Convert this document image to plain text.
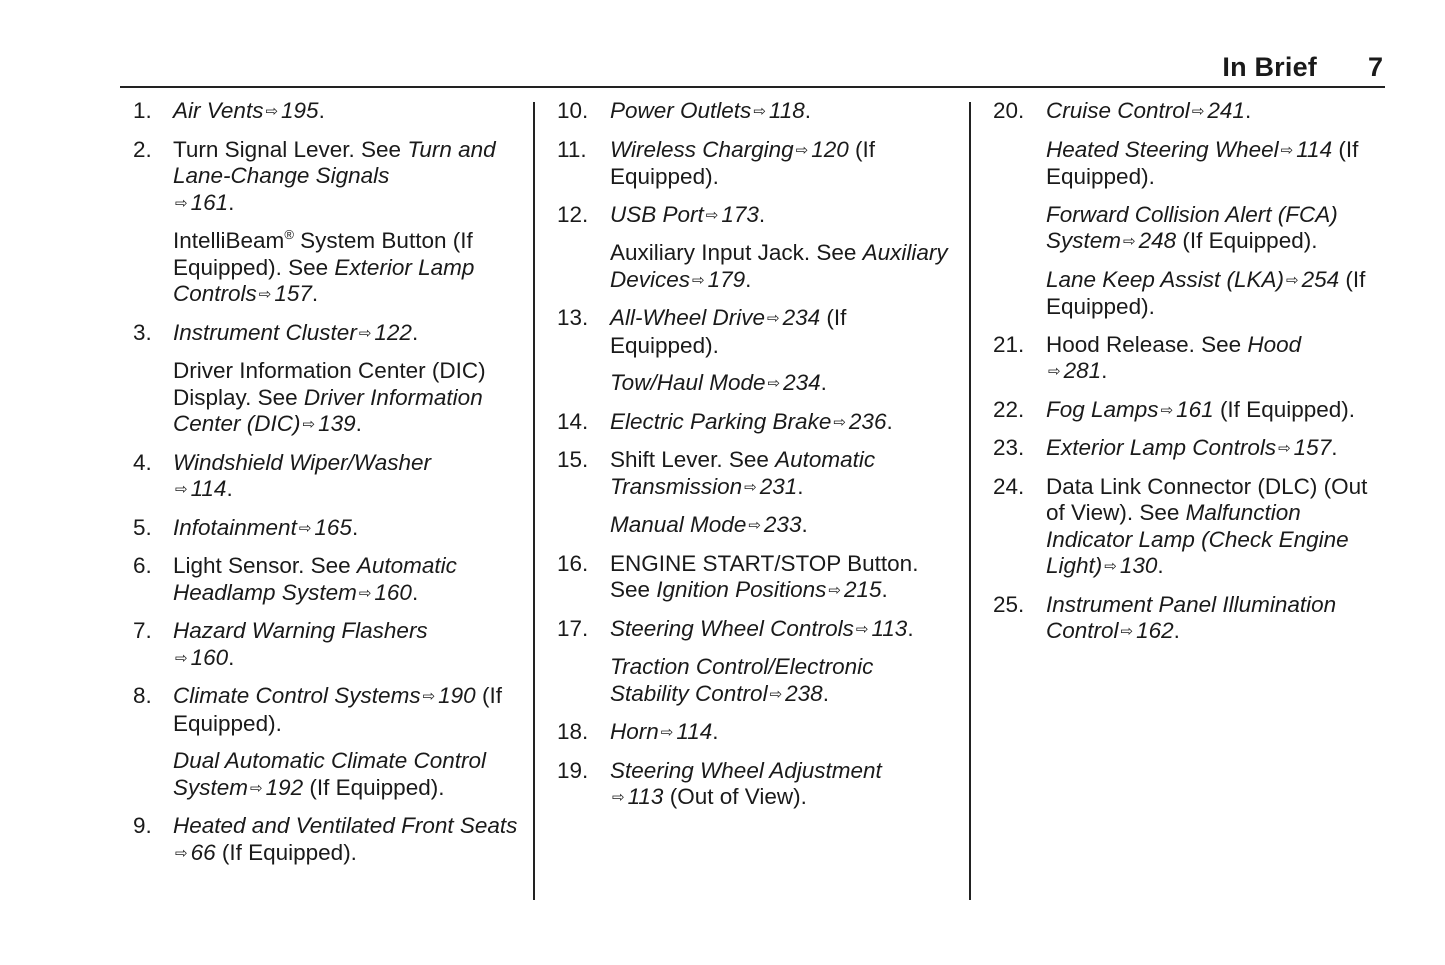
In Brief 7
1. Air Vents ⇨ 195.

2. Turn Signal Lever. See Turn and Lane-Change Signals
⇨ 161.

IntelliBeam® System Button (If Equipped). See Exterior Lamp Controls ⇨ 157.

3. Instrument Cluster ⇨ 122.

Driver Information Center (DIC) Display. See Driver Information Center (DIC) ⇨ 139.

4. Windshield Wiper/Washer
⇨ 114.

5. Infotainment ⇨ 165.

6. Light Sensor. See Automatic Headlamp System ⇨ 160.

7. Hazard Warning Flashers
⇨ 160.

8. Climate Control Systems ⇨ 190 (If Equipped).

Dual Automatic Climate Control System ⇨ 192 (If Equipped).

9. Heated and Ventilated Front Seats⇨ 66 (If Equipped).

10. Power Outlets ⇨ 118.

11. Wireless Charging ⇨ 120 (If Equipped).

12. USB Port ⇨ 173.

Auxiliary Input Jack. See Auxiliary Devices ⇨ 179.

13. All-Wheel Drive ⇨ 234 (If Equipped).

Tow/Haul Mode ⇨ 234.

14. Electric Parking Brake ⇨ 236.

15. Shift Lever. See Automatic Transmission ⇨ 231.

Manual Mode ⇨ 233.

16. ENGINE START/STOP Button. See Ignition Positions ⇨ 215.

17. Steering Wheel Controls ⇨ 113.

Traction Control/Electronic Stability Control ⇨ 238.

18. Horn ⇨ 114.

19. Steering Wheel Adjustment
⇨ 113 (Out of View).

20. Cruise Control ⇨ 241.

Heated Steering Wheel ⇨ 114 (If Equipped).

Forward Collision Alert (FCA) System ⇨ 248 (If Equipped).

Lane Keep Assist (LKA) ⇨ 254 (If Equipped).

21. Hood Release. See Hood
⇨ 281.

22. Fog Lamps ⇨ 161 (If Equipped).

23. Exterior Lamp Controls ⇨ 157.

24. Data Link Connector (DLC) (Out of View). See Malfunction Indicator Lamp (Check Engine Light) ⇨ 130.

25. Instrument Panel Illumination Control ⇨ 162.
